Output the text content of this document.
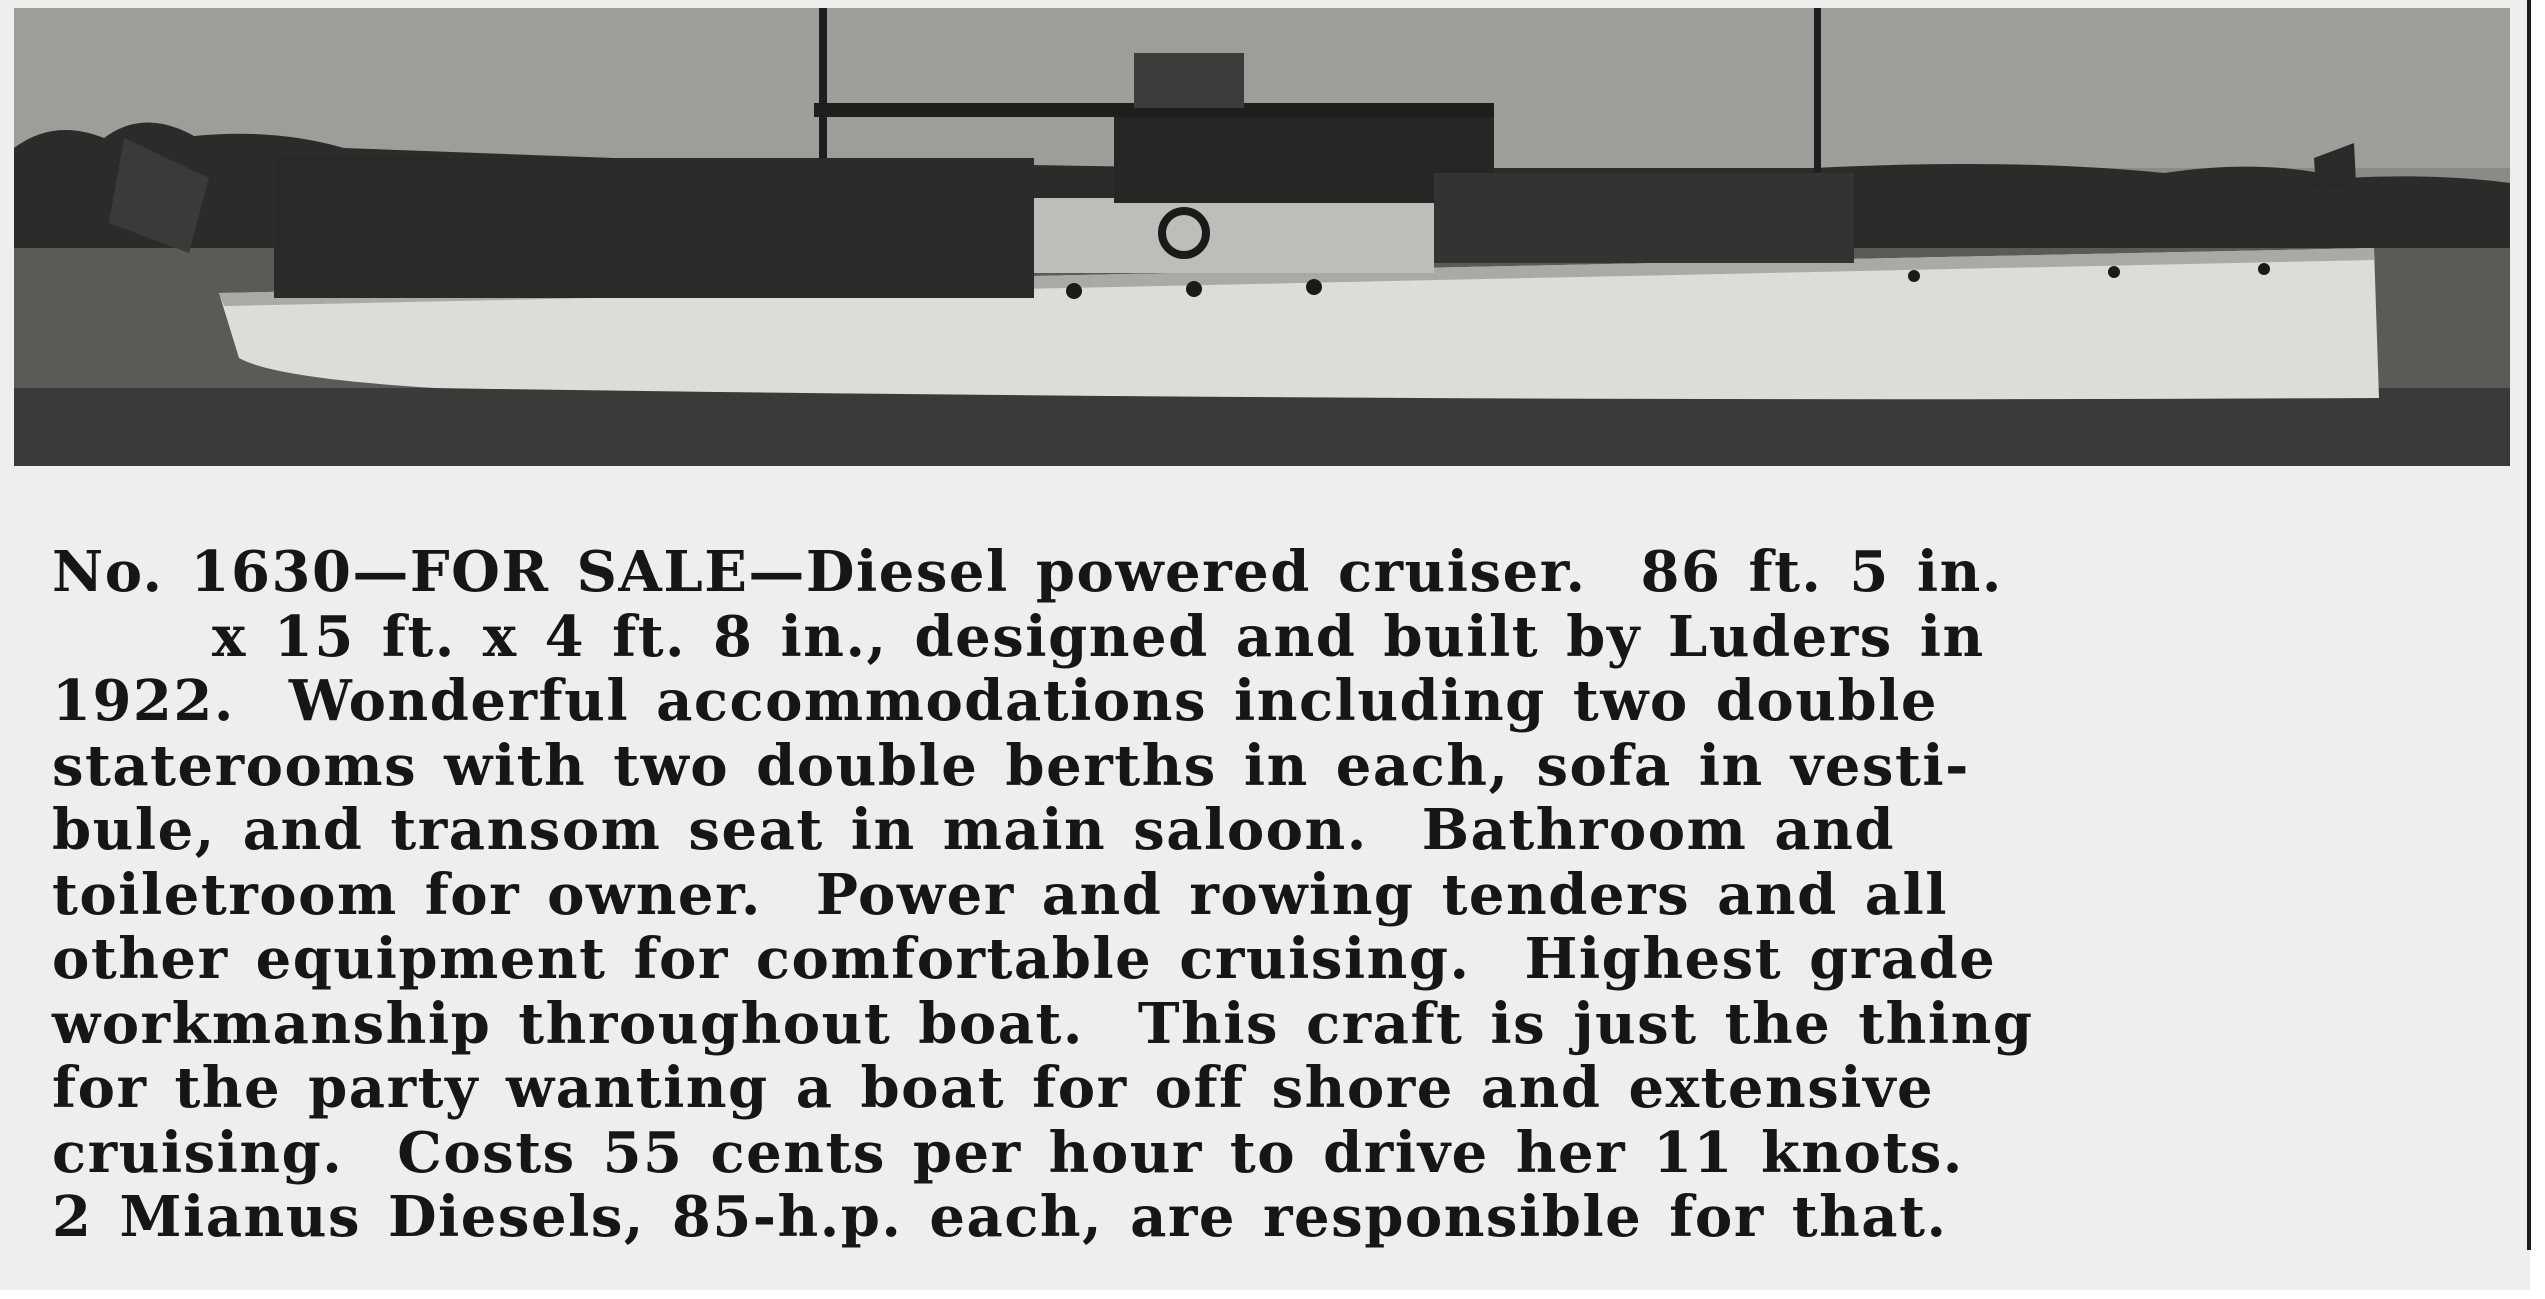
No. 1630—FOR SALE—Diesel powered cruiser.  86 ft. 5 in.
x 15 ft. x 4 ft. 8 in., designed and built by Luders in
1922.  Wonderful accommodations including two double
staterooms with two double berths in each, sofa in vesti-
bule, and transom seat in main saloon.  Bathroom and
toiletroom for owner.  Power and rowing tenders and all
other equipment for comfortable cruising.  Highest grade
workmanship throughout boat.  This craft is just the thing
for the party wanting a boat for off shore and extensive
cruising.  Costs 55 cents per hour to drive her 11 knots.
2 Mianus Diesels, 85-h.p. each, are responsible for that.
